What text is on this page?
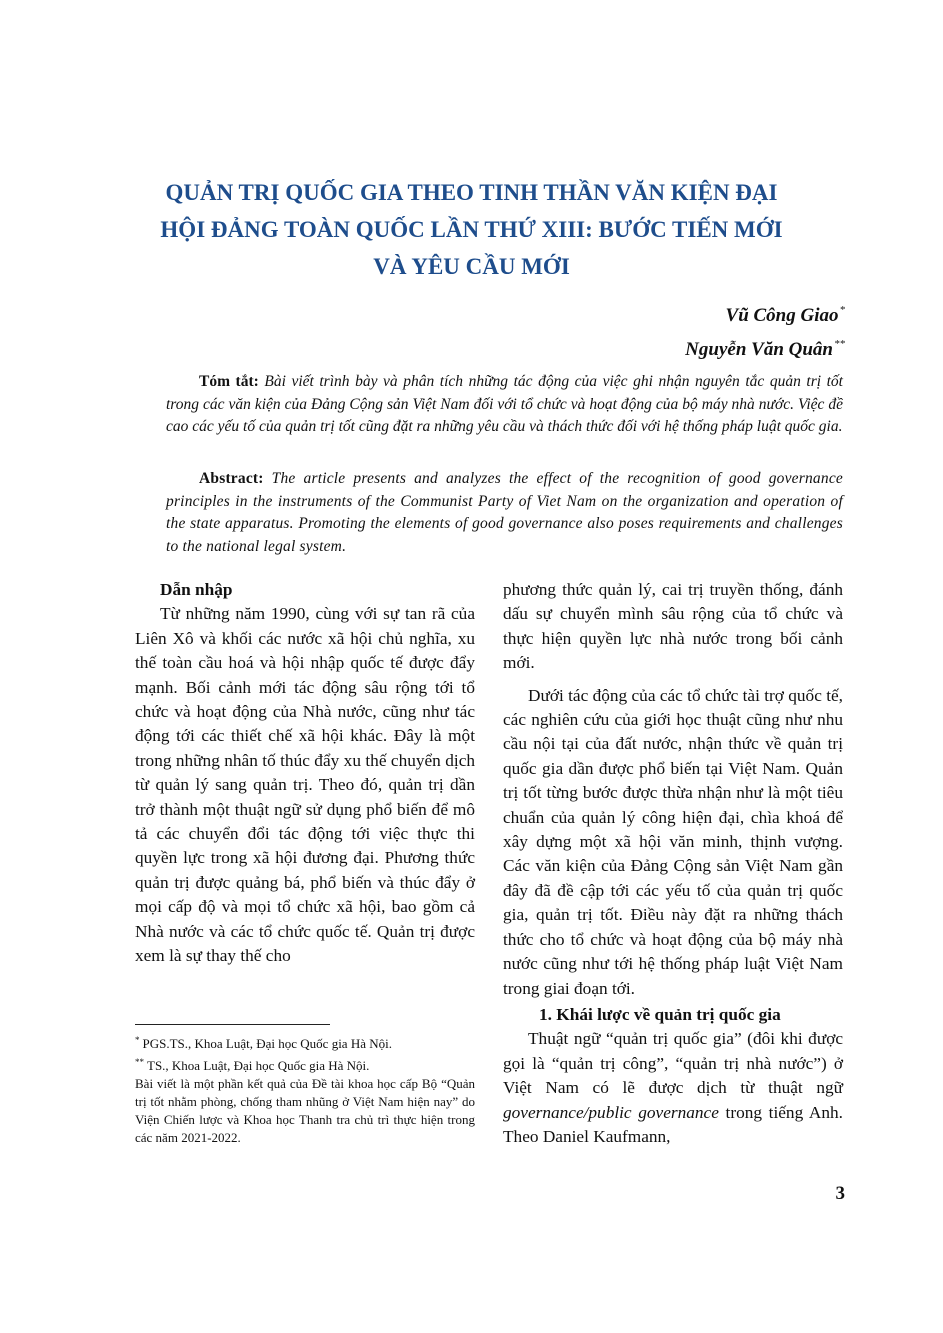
QUẢN TRỊ QUỐC GIA THEO TINH THẦN VĂN KIỆN ĐẠI
HỘI ĐẢNG TOÀN QUỐC LẦN THỨ XIII: BƯỚC TIẾN MỚI
VÀ YÊU CẦU MỚI
Vũ Công Giao*
Nguyễn Văn Quân**
Tóm tắt: Bài viết trình bày và phân tích những tác động của việc ghi nhận nguyên tắc quản trị tốt trong các văn kiện của Đảng Cộng sản Việt Nam đối với tổ chức và hoạt động của bộ máy nhà nước. Việc đề cao các yếu tố của quản trị tốt cũng đặt ra những yêu cầu và thách thức đối với hệ thống pháp luật quốc gia.
Abstract: The article presents and analyzes the effect of the recognition of good governance principles in the instruments of the Communist Party of Viet Nam on the organization and operation of the state apparatus. Promoting the elements of good governance also poses requirements and challenges to the national legal system.

Dẫn nhập

Từ những năm 1990, cùng với sự tan rã của Liên Xô và khối các nước xã hội chủ nghĩa, xu thế toàn cầu hoá và hội nhập quốc tế được đẩy mạnh. Bối cảnh mới tác động sâu rộng tới tổ chức và hoạt động của Nhà nước, cũng như tác động tới các thiết chế xã hội khác. Đây là một trong những nhân tố thúc đẩy xu thế chuyển dịch từ quản lý sang quản trị. Theo đó, quản trị dần trở thành một thuật ngữ sử dụng phổ biến để mô tả các chuyển đổi tác động tới việc thực thi quyền lực trong xã hội đương đại. Phương thức quản trị được quảng bá, phổ biến và thúc đẩy ở mọi cấp độ và mọi tổ chức xã hội, bao gồm cả Nhà nước và các tổ chức quốc tế. Quản trị được xem là sự thay thế cho

phương thức quản lý, cai trị truyền thống, đánh dấu sự chuyển mình sâu rộng của tổ chức và thực hiện quyền lực nhà nước trong bối cảnh mới.

Dưới tác động của các tổ chức tài trợ quốc tế, các nghiên cứu của giới học thuật cũng như nhu cầu nội tại của đất nước, nhận thức về quản trị quốc gia dần được phổ biến tại Việt Nam. Quản trị tốt từng bước được thừa nhận như là một tiêu chuẩn của quản lý công hiện đại, chìa khoá để xây dựng một xã hội văn minh, thịnh vượng. Các văn kiện của Đảng Cộng sản Việt Nam gần đây đã đề cập tới các yếu tố của quản trị quốc gia, quản trị tốt. Điều này đặt ra những thách thức cho tổ chức và hoạt động của bộ máy nhà nước cũng như tới hệ thống pháp luật Việt Nam trong giai đoạn tới.

1. Khái lược về quản trị quốc gia

Thuật ngữ “quản trị quốc gia” (đôi khi được gọi là “quản trị công”, “quản trị nhà nước”) ở Việt Nam có lẽ được dịch từ thuật ngữ governance/public governance trong tiếng Anh. Theo Daniel Kaufmann,

* PGS.TS., Khoa Luật, Đại học Quốc gia Hà Nội.

** TS., Khoa Luật, Đại học Quốc gia Hà Nội.

Bài viết là một phần kết quả của Đề tài khoa học cấp Bộ “Quản trị tốt nhằm phòng, chống tham nhũng ở Việt Nam hiện nay” do Viện Chiến lược và Khoa học Thanh tra chủ trì thực hiện trong các năm 2021-2022.

3
